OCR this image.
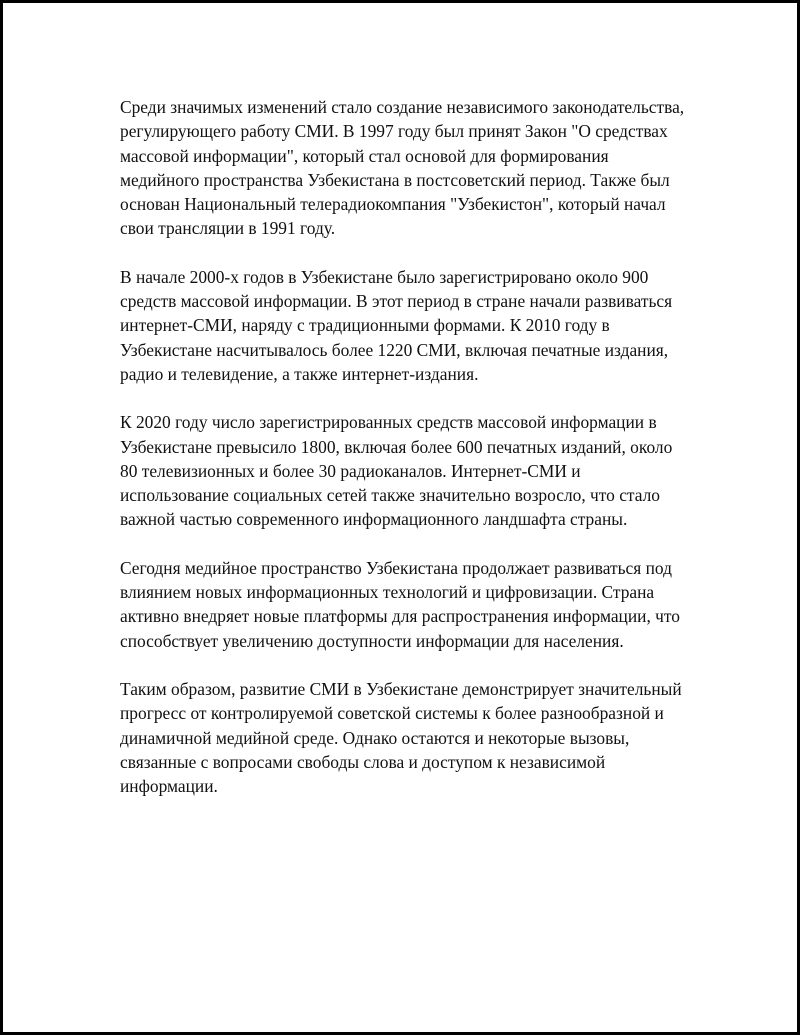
Среди значимых изменений стало создание независимого законодательства, регулирующего работу СМИ. В 1997 году был принят Закон "О средствах массовой информации", который стал основой для формирования медийного пространства Узбекистана в постсоветский период. Также был основан Национальный телерадиокомпания "Узбекистон", который начал свои трансляции в 1991 году.

В начале 2000-х годов в Узбекистане было зарегистрировано около 900 средств массовой информации. В этот период в стране начали развиваться интернет-СМИ, наряду с традиционными формами. К 2010 году в Узбекистане насчитывалось более 1220 СМИ, включая печатные издания, радио и телевидение, а также интернет-издания.

К 2020 году число зарегистрированных средств массовой информации в Узбекистане превысило 1800, включая более 600 печатных изданий, около 80 телевизионных и более 30 радиоканалов. Интернет-СМИ и использование социальных сетей также значительно возросло, что стало важной частью современного информационного ландшафта страны.

Сегодня медийное пространство Узбекистана продолжает развиваться под влиянием новых информационных технологий и цифровизации. Страна активно внедряет новые платформы для распространения информации, что способствует увеличению доступности информации для населения.

Таким образом, развитие СМИ в Узбекистане демонстрирует значительный прогресс от контролируемой советской системы к более разнообразной и динамичной медийной среде. Однако остаются и некоторые вызовы, связанные с вопросами свободы слова и доступом к независимой информации.
